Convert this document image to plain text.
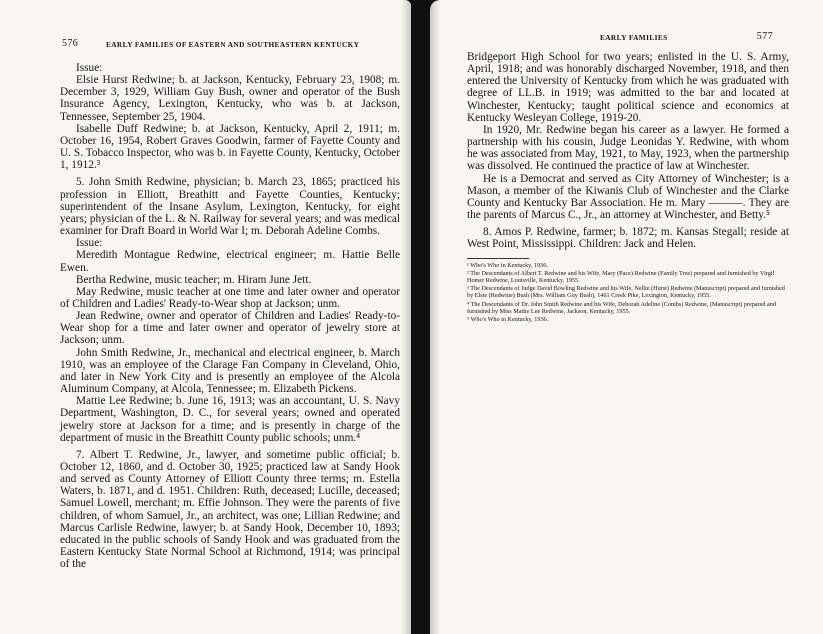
576	EARLY FAMILIES OF EASTERN AND SOUTHEASTERN KENTUCKY

Issue:

Elsie Hurst Redwine; b. at Jackson, Kentucky, February 23, 1908; m. December 3, 1929, William Guy Bush, owner and operator of the Bush Insurance Agency, Lexington, Kentucky, who was b. at Jackson, Tennessee, September 25, 1904.

Isabelle Duff Redwine; b. at Jackson, Kentucky, April 2, 1911; m. October 16, 1954, Robert Graves Goodwin, farmer of Fayette County and U. S. Tobacco Inspector, who was b. in Fayette County, Kentucky, October 1, 1912.³

5. John Smith Redwine, physician; b. March 23, 1865; practiced his profession in Elliott, Breathitt and Fayette Counties, Kentucky; superintendent of the Insane Asylum, Lexington, Kentucky, for eight years; physician of the L. & N. Railway for several years; and was medical examiner for Draft Board in World War I; m. Deborah Adeline Combs.

Issue:

Meredith Montague Redwine, electrical engineer; m. Hattie Belle Ewen.

Bertha Redwine, music teacher; m. Hiram June Jett.

May Redwine, music teacher at one time and later owner and operator of Children and Ladies' Ready-to-Wear shop at Jackson; unm.

Jean Redwine, owner and operator of Children and Ladies' Ready-to-Wear shop for a time and later owner and operator of jewelry store at Jackson; unm.

John Smith Redwine, Jr., mechanical and electrical engineer, b. March 1910, was an employee of the Clarage Fan Company in Cleveland, Ohio, and later in New York City and is presently an employee of the Alcola Aluminum Company, at Alcola, Tennessee; m. Elizabeth Pickens.

Mattie Lee Redwine; b. June 16, 1913; was an accountant, U. S. Navy Department, Washington, D. C., for several years; owned and operated jewelry store at Jackson for a time; and is presently in charge of the department of music in the Breathitt County public schools; unm.⁴

7. Albert T. Redwine, Jr., lawyer, and sometime public official; b. October 12, 1860, and d. October 30, 1925; practiced law at Sandy Hook and served as County Attorney of Elliott County three terms; m. Estella Waters, b. 1871, and d. 1951. Children: Ruth, deceased; Lucille, deceased; Samuel Lowell, merchant; m. Effie Johnson. They were the parents of five children, of whom Samuel, Jr., an architect, was one; Lillian Redwine; and Marcus Carlisle Redwine, lawyer; b. at Sandy Hook, December 10, 1893; educated in the public schools of Sandy Hook and was graduated from the Eastern Kentucky State Normal School at Richmond, 1914; was principal of the

EARLY FAMILIES	577

Bridgeport High School for two years; enlisted in the U. S. Army, April, 1918; and was honorably discharged November, 1918, and then entered the University of Kentucky from which he was graduated with degree of LL.B. in 1919; was admitted to the bar and located at Winchester, Kentucky; taught political science and economics at Kentucky Wesleyan College, 1919-20.

In 1920, Mr. Redwine began his career as a lawyer. He formed a partnership with his cousin, Judge Leonidas Y. Redwine, with whom he was associated from May, 1921, to May, 1923, when the partnership was dissolved. He continued the practice of law at Winchester.

He is a Democrat and served as City Attorney of Winchester; is a Mason, a member of the Kiwanis Club of Winchester and the Clarke County and Kentucky Bar Association. He m. Mary ———. They are the parents of Marcus C., Jr., an attorney at Winchester, and Betty.⁵

8. Amos P. Redwine, farmer; b. 1872; m. Kansas Stegall; reside at West Point, Mississippi. Children: Jack and Helen.

¹ Who's Who in Kentucky, 1936.
² The Descendants of Albert T. Redwine and his Wife, Mary (Pace) Redwine (Family Tree) prepared and furnished by Virgil Homer Redwine, Louisville, Kentucky, 1955.
³ The Descendants of Judge David Bowling Redwine and his Wife, Nellie (Hurst) Redwine (Manuscript) prepared and furnished by Elsie (Redwine) Bush (Mrs. William Guy Bush), 1461 Creek Pike, Lexington, Kentucky, 1955.
⁴ The Descendants of Dr. John Smith Redwine and his Wife, Deborah Adeline (Combs) Redwine, (Manuscript) prepared and furnished by Miss Mattie Lee Redwine, Jackson, Kentucky, 1955.
⁵ Who's Who in Kentucky, 1936.
